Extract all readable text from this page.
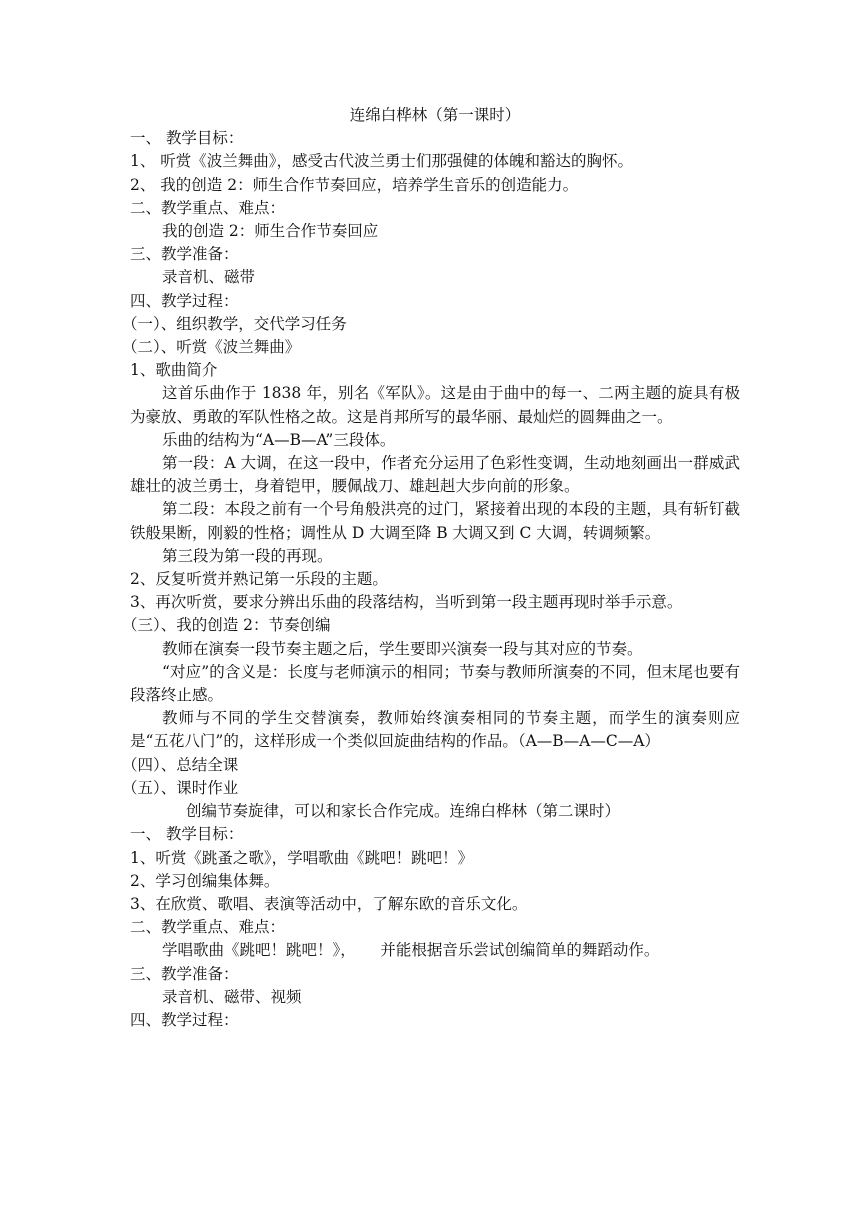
连绵白桦林（第一课时）
一、 教学目标：
1、 听赏《波兰舞曲》，感受古代波兰勇士们那强健的体魄和豁达的胸怀。
2、 我的创造 2：师生合作节奏回应，培养学生音乐的创造能力。
二、教学重点、难点：
我的创造 2：师生合作节奏回应
三、教学准备：
录音机、磁带
四、教学过程：
（一）、组织教学，交代学习任务
（二）、听赏《波兰舞曲》
1、歌曲简介
这首乐曲作于 1838 年，别名《军队》。这是由于曲中的每一、二两主题的旋具有极为豪放、勇敢的军队性格之故。这是肖邦所写的最华丽、最灿烂的圆舞曲之一。
乐曲的结构为“A—B—A”三段体。
第一段：A 大调，在这一段中，作者充分运用了色彩性变调，生动地刻画出一群威武雄壮的波兰勇士，身着铠甲，腰佩战刀、雄赳赳大步向前的形象。
第二段：本段之前有一个号角般洪亮的过门，紧接着出现的本段的主题，具有斩钉截铁般果断，刚毅的性格；调性从 D 大调至降 B 大调又到 C 大调，转调频繁。
第三段为第一段的再现。
2、反复听赏并熟记第一乐段的主题。
3、再次听赏，要求分辨出乐曲的段落结构，当听到第一段主题再现时举手示意。
（三）、我的创造 2：节奏创编
教师在演奏一段节奏主题之后，学生要即兴演奏一段与其对应的节奏。
“对应”的含义是：长度与老师演示的相同；节奏与教师所演奏的不同，但末尾也要有段落终止感。
教师与不同的学生交替演奏，教师始终演奏相同的节奏主题，而学生的演奏则应是“五花八门”的，这样形成一个类似回旋曲结构的作品。（A—B—A—C—A）
（四）、总结全课
（五）、课时作业
创编节奏旋律，可以和家长合作完成。连绵白桦林（第二课时）
一、 教学目标：
1、听赏《跳蚤之歌》，学唱歌曲《跳吧！跳吧！》
2、学习创编集体舞。
3、在欣赏、歌唱、表演等活动中，了解东欧的音乐文化。
二、教学重点、难点：
学唱歌曲《跳吧！跳吧！》，     并能根据音乐尝试创编简单的舞蹈动作。
三、教学准备：
录音机、磁带、视频
四、教学过程：
